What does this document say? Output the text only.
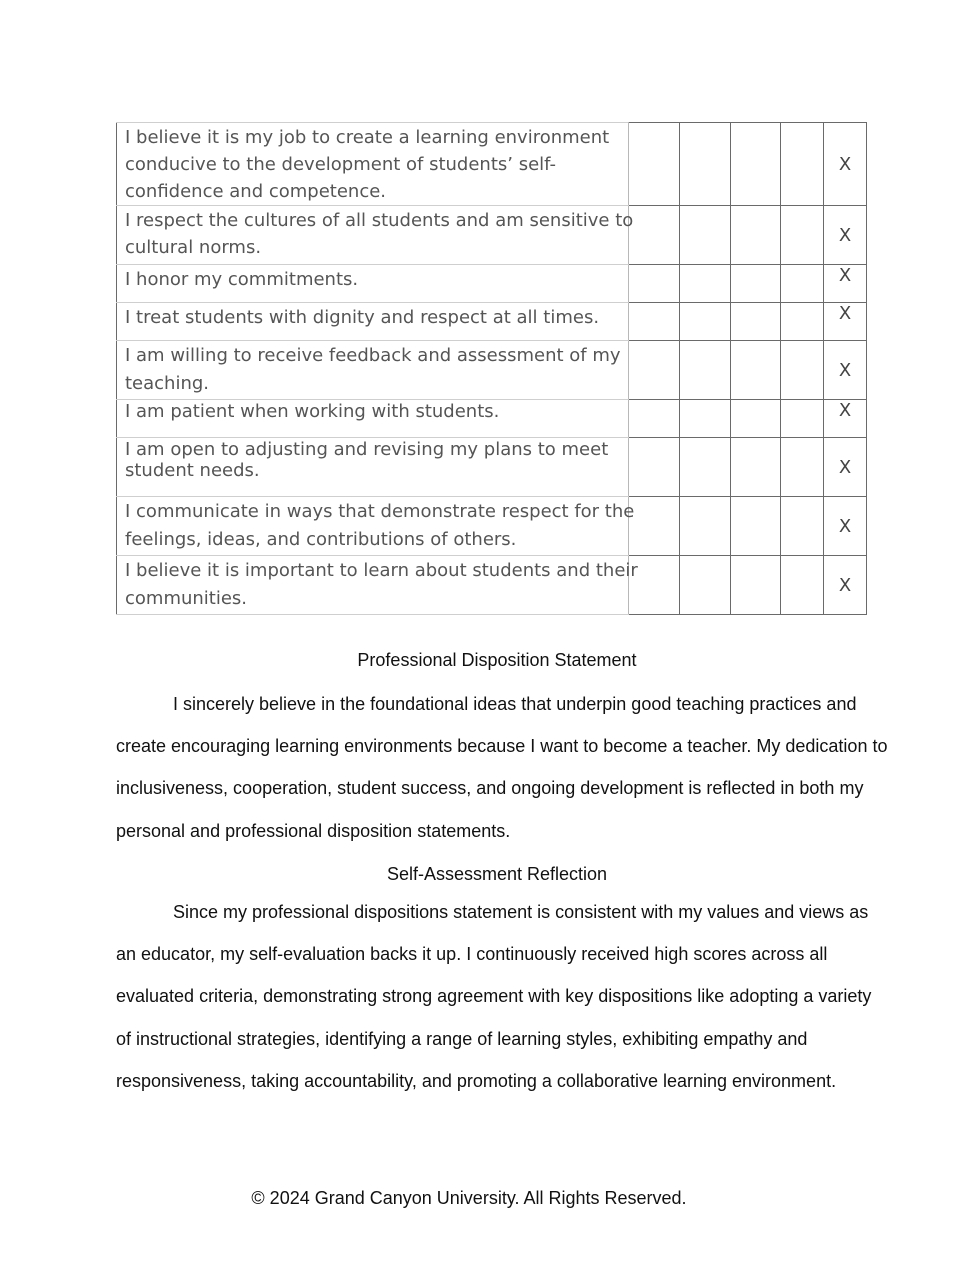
I believe it is my job to create a learning environment conducive to the development of students’ self-confidence and competence.					X

I respect the cultures of all students and am sensitive to cultural norms.					X

I honor my commitments.					X

I treat students with dignity and respect at all times.					X

I am willing to receive feedback and assessment of my teaching.					X

I am patient when working with students.					X

I am open to adjusting and revising my plans to meet student needs.					X

I communicate in ways that demonstrate respect for the feelings, ideas, and contributions of others.					X

I believe it is important to learn about students and their communities.					X
Professional Disposition Statement

I sincerely believe in the foundational ideas that underpin good teaching practices and
create encouraging learning environments because I want to become a teacher. My dedication to
inclusiveness, cooperation, student success, and ongoing development is reflected in both my
personal and professional disposition statements.

Self-Assessment Reflection

Since my professional dispositions statement is consistent with my values and views as
an educator, my self-evaluation backs it up. I continuously received high scores across all
evaluated criteria, demonstrating strong agreement with key dispositions like adopting a variety
of instructional strategies, identifying a range of learning styles, exhibiting empathy and
responsiveness, taking accountability, and promoting a collaborative learning environment.

© 2024 Grand Canyon University. All Rights Reserved.
